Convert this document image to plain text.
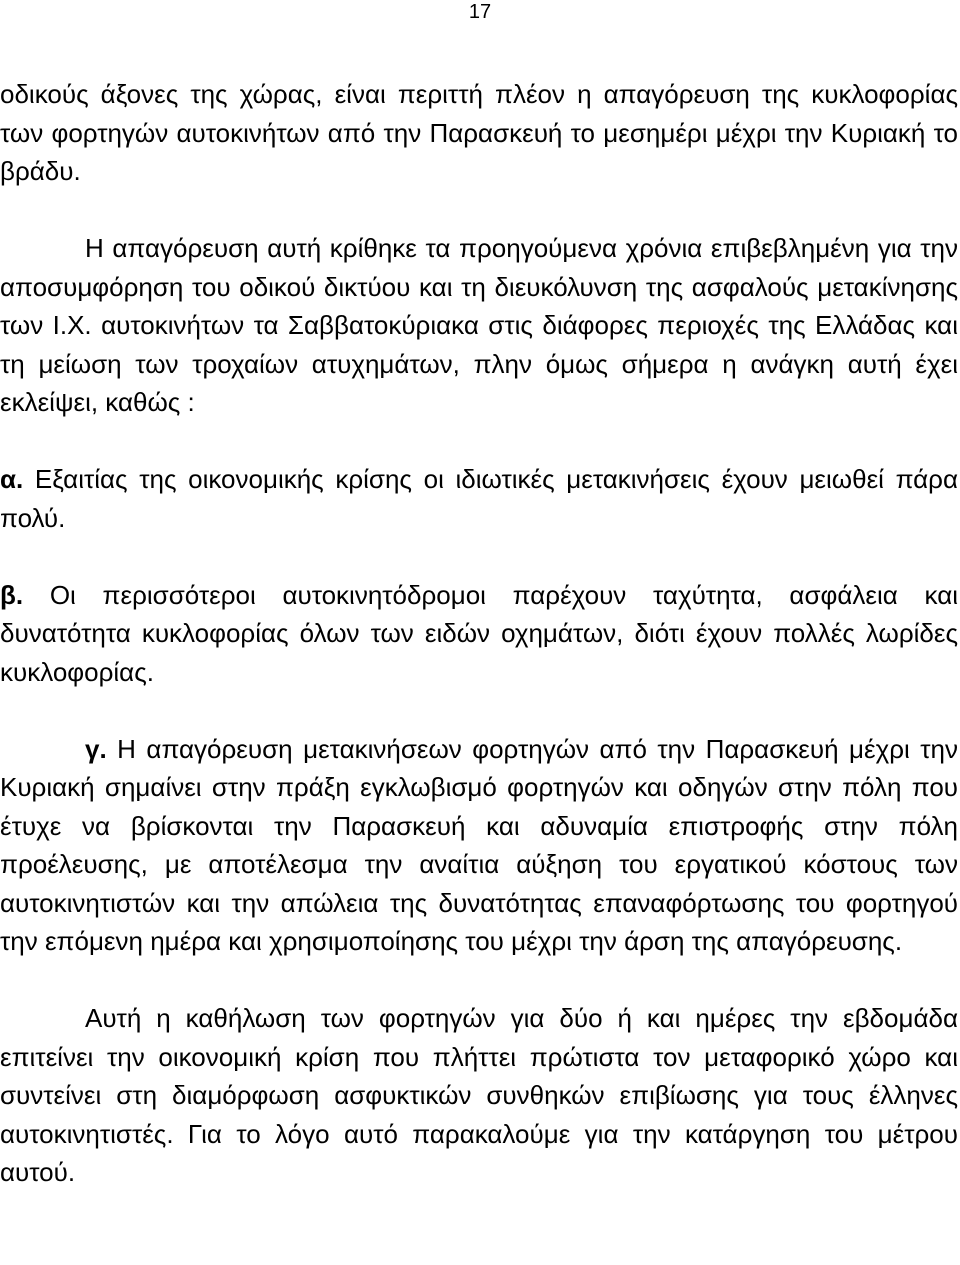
17

οδικούς άξονες της χώρας, είναι περιττή πλέον η απαγόρευση της κυκλοφορίας των φορτηγών αυτοκινήτων από την Παρασκευή το μεσημέρι μέχρι την Κυριακή το βράδυ.

Η απαγόρευση αυτή κρίθηκε τα προηγούμενα χρόνια επιβεβλημένη για την αποσυμφόρηση του οδικού δικτύου και τη διευκόλυνση της ασφαλούς μετακίνησης των Ι.Χ. αυτοκινήτων τα Σαββατοκύριακα στις διάφορες περιοχές της Ελλάδας και τη μείωση των τροχαίων ατυχημάτων, πλην όμως σήμερα η ανάγκη αυτή έχει εκλείψει, καθώς :

α. Εξαιτίας της οικονομικής κρίσης οι ιδιωτικές μετακινήσεις έχουν μειωθεί πάρα πολύ.

β. Οι περισσότεροι αυτοκινητόδρομοι παρέχουν ταχύτητα, ασφάλεια και δυνατότητα κυκλοφορίας όλων των ειδών οχημάτων, διότι έχουν πολλές λωρίδες κυκλοφορίας.

γ. Η απαγόρευση μετακινήσεων φορτηγών από την Παρασκευή μέχρι την Κυριακή σημαίνει στην πράξη εγκλωβισμό φορτηγών και οδηγών στην πόλη που έτυχε να βρίσκονται την Παρασκευή και αδυναμία επιστροφής στην πόλη προέλευσης, με αποτέλεσμα την αναίτια αύξηση του εργατικού κόστους των αυτοκινητιστών και την απώλεια της δυνατότητας επαναφόρτωσης του φορτηγού την επόμενη ημέρα και χρησιμοποίησης του μέχρι την άρση της απαγόρευσης.

Αυτή η καθήλωση των φορτηγών για δύο ή και ημέρες την εβδομάδα επιτείνει την οικονομική κρίση που πλήττει πρώτιστα τον μεταφορικό χώρο και συντείνει στη διαμόρφωση ασφυκτικών συνθηκών επιβίωσης για τους έλληνες αυτοκινητιστές. Για το λόγο αυτό παρακαλούμε για την κατάργηση του μέτρου αυτού.
